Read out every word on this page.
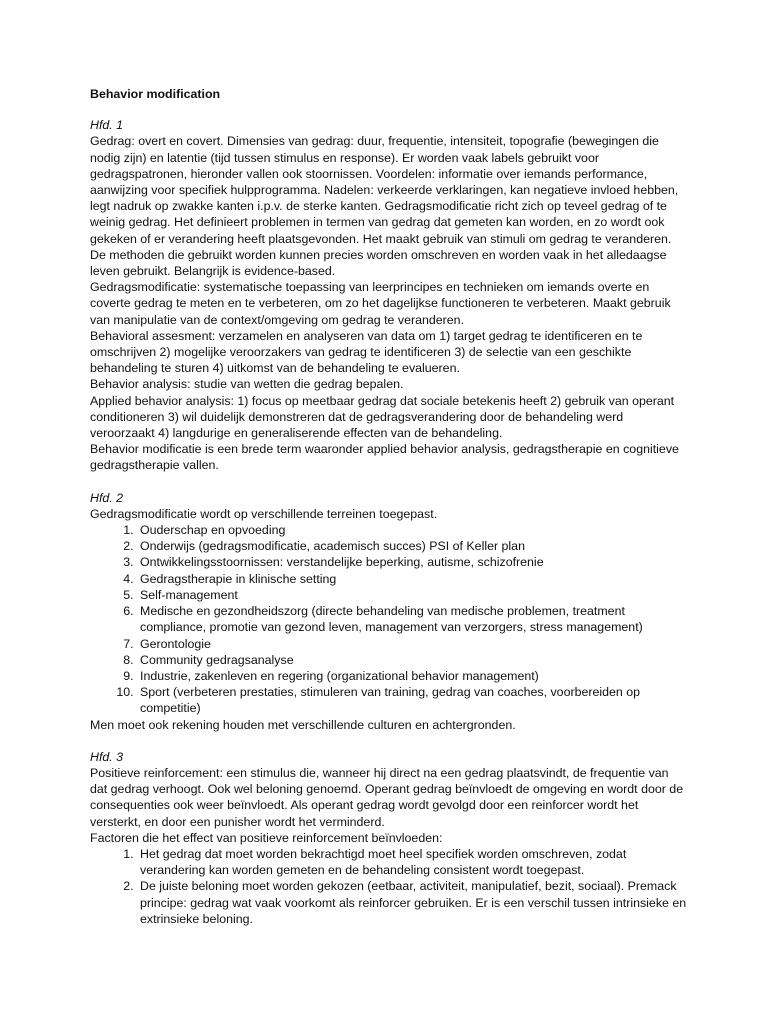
Behavior modification

Hfd. 1

Gedrag: overt en covert. Dimensies van gedrag: duur, frequentie, intensiteit, topografie (bewegingen die nodig zijn) en latentie (tijd tussen stimulus en response). Er worden vaak labels gebruikt voor gedragspatronen, hieronder vallen ook stoornissen. Voordelen: informatie over iemands performance, aanwijzing voor specifiek hulpprogramma. Nadelen: verkeerde verklaringen, kan negatieve invloed hebben, legt nadruk op zwakke kanten i.p.v. de sterke kanten. Gedragsmodificatie richt zich op teveel gedrag of te weinig gedrag. Het definieert problemen in termen van gedrag dat gemeten kan worden, en zo wordt ook gekeken of er verandering heeft plaatsgevonden. Het maakt gebruik van stimuli om gedrag te veranderen. De methoden die gebruikt worden kunnen precies worden omschreven en worden vaak in het alledaagse leven gebruikt. Belangrijk is evidence-based.

Gedragsmodificatie: systematische toepassing van leerprincipes en technieken om iemands overte en coverte gedrag te meten en te verbeteren, om zo het dagelijkse functioneren te verbeteren. Maakt gebruik van manipulatie van de context/omgeving om gedrag te veranderen.

Behavioral assesment: verzamelen en analyseren van data om 1) target gedrag te identificeren en te omschrijven 2) mogelijke veroorzakers van gedrag te identificeren 3) de selectie van een geschikte behandeling te sturen 4) uitkomst van de behandeling te evalueren.

Behavior analysis: studie van wetten die gedrag bepalen.

Applied behavior analysis: 1) focus op meetbaar gedrag dat sociale betekenis heeft 2) gebruik van operant conditioneren 3) wil duidelijk demonstreren dat de gedragsverandering door de behandeling werd veroorzaakt 4) langdurige en generaliserende effecten van de behandeling.

Behavior modificatie is een brede term waaronder applied behavior analysis, gedragstherapie en cognitieve gedragstherapie vallen.

Hfd. 2

Gedragsmodificatie wordt op verschillende terreinen toegepast.

1. Ouderschap en opvoeding
2. Onderwijs (gedragsmodificatie, academisch succes) PSI of Keller plan
3. Ontwikkelingsstoornissen: verstandelijke beperking, autisme, schizofrenie
4. Gedragstherapie in klinische setting
5. Self-management
6. Medische en gezondheidszorg (directe behandeling van medische problemen, treatment compliance, promotie van gezond leven, management van verzorgers, stress management)
7. Gerontologie
8. Community gedragsanalyse
9. Industrie, zakenleven en regering (organizational behavior management)
10. Sport (verbeteren prestaties, stimuleren van training, gedrag van coaches, voorbereiden op competitie)

Men moet ook rekening houden met verschillende culturen en achtergronden.

Hfd. 3

Positieve reinforcement: een stimulus die, wanneer hij direct na een gedrag plaatsvindt, de frequentie van dat gedrag verhoogt. Ook wel beloning genoemd. Operant gedrag beïnvloedt de omgeving en wordt door de consequenties ook weer beïnvloedt. Als operant gedrag wordt gevolgd door een reinforcer wordt het versterkt, en door een punisher wordt het verminderd.

Factoren die het effect van positieve reinforcement beïnvloeden:

1. Het gedrag dat moet worden bekrachtigd moet heel specifiek worden omschreven, zodat verandering kan worden gemeten en de behandeling consistent wordt toegepast.
2. De juiste beloning moet worden gekozen (eetbaar, activiteit, manipulatief, bezit, sociaal). Premack principe: gedrag wat vaak voorkomt als reinforcer gebruiken. Er is een verschil tussen intrinsieke en extrinsieke beloning.
